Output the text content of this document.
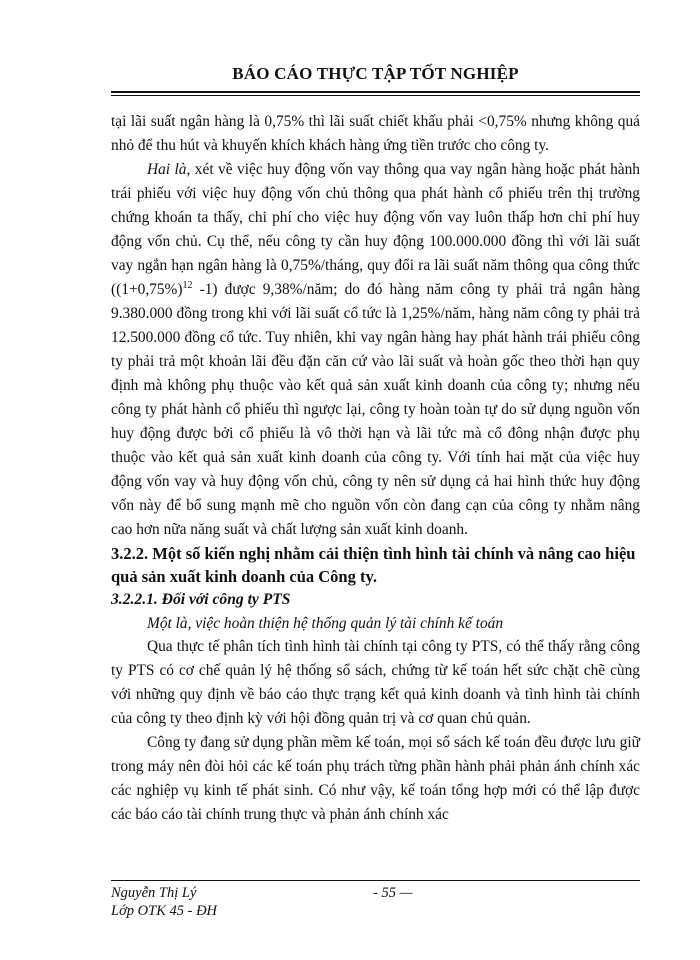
BÁO CÁO THỰC TẬP TỐT NGHIỆP

tại lãi suất ngân hàng là 0,75% thì lãi suất chiết khấu phải <0,75% nhưng không quá nhỏ để thu hút và khuyến khích khách hàng ứng tiền trước cho công ty.

Hai là, xét về việc huy động vốn vay thông qua vay ngân hàng hoặc phát hành trái phiếu với việc huy động vốn chủ thông qua phát hành cổ phiếu trên thị trường chứng khoán ta thấy, chi phí cho việc huy động vốn vay luôn thấp hơn chi phí huy động vốn chủ. Cụ thể, nếu công ty cần huy động 100.000.000 đồng thì với lãi suất vay ngắn hạn ngân hàng là 0,75%/tháng, quy đổi ra lãi suất năm thông qua công thức ($(1+0,75\%)^{12}$ -1) được 9,38%/năm; do đó hàng năm công ty phải trả ngân hàng 9.380.000 đồng trong khi với lãi suất cổ tức là 1,25%/năm, hàng năm công ty phải trả 12.500.000 đồng cổ tức. Tuy nhiên, khi vay ngân hàng hay phát hành trái phiếu công ty phải trả một khoản lãi đều đặn căn cứ vào lãi suất và hoàn gốc theo thời hạn quy định mà không phụ thuộc vào kết quả sản xuất kinh doanh của công ty; nhưng nếu công ty phát hành cổ phiếu thì ngược lại, công ty hoàn toàn tự do sử dụng nguồn vốn huy động được bởi cổ phiếu là vô thời hạn và lãi tức mà cổ đông nhận được phụ thuộc vào kết quả sản xuất kinh doanh của công ty. Với tính hai mặt của việc huy động vốn vay và huy động vốn chủ, công ty nên sử dụng cả hai hình thức huy động vốn này để bổ sung mạnh mẽ cho nguồn vốn còn đang cạn của công ty nhằm nâng cao hơn nữa năng suất và chất lượng sản xuất kinh doanh.

3.2.2. Một số kiến nghị nhằm cải thiện tình hình tài chính và nâng cao hiệu quả sản xuất kinh doanh của Công ty.

3.2.2.1. Đối với công ty PTS

Một là, việc hoàn thiện hệ thống quản lý tài chính kế toán

Qua thực tế phân tích tình hình tài chính tại công ty PTS, có thể thấy rằng công ty PTS có cơ chế quản lý hệ thống sổ sách, chứng từ kế toán hết sức chặt chẽ cùng với những quy định về báo cáo thực trạng kết quả kinh doanh và tình hình tài chính của công ty theo định kỳ với hội đồng quản trị và cơ quan chủ quản.

Công ty đang sử dụng phần mềm kế toán, mọi sổ sách kế toán đều được lưu giữ trong máy nên đòi hỏi các kế toán phụ trách từng phần hành phải phản ánh chính xác các nghiệp vụ kinh tế phát sinh. Có như vậy, kế toán tổng hợp mới có thể lập được các báo cáo tài chính trung thực và phản ánh chính xác

Nguyễn Thị Lý
Lớp OTK 45 - ĐH
- 55 —
